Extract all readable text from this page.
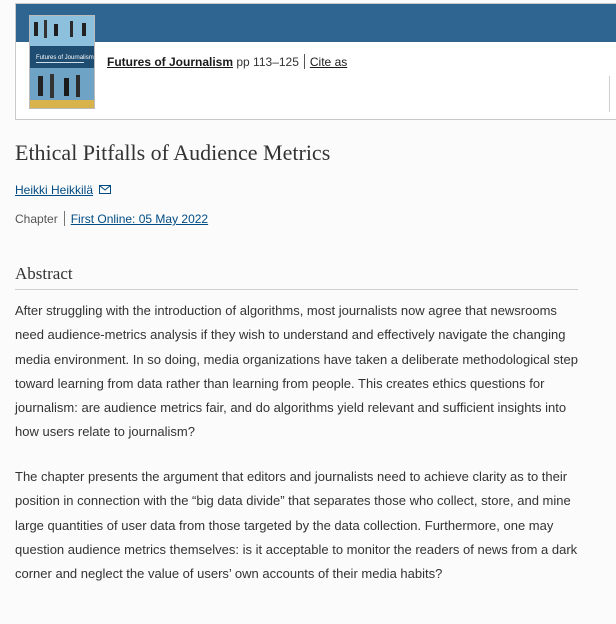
Futures of Journalism Futures of Journalism pp 113–125 Cite as
Ethical Pitfalls of Audience Metrics
Heikki Heikkilä
Chapter First Online: 05 May 2022
Abstract

After struggling with the introduction of algorithms, most journalists now agree that newsrooms need audience-metrics analysis if they wish to understand and effectively navigate the changing media environment. In so doing, media organizations have taken a deliberate methodological step toward learning from data rather than learning from people. This creates ethics questions for journalism: are audience metrics fair, and do algorithms yield relevant and sufficient insights into how users relate to journalism?

The chapter presents the argument that editors and journalists need to achieve clarity as to their position in connection with the “big data divide” that separates those who collect, store, and mine large quantities of user data from those targeted by the data collection. Furthermore, one may question audience metrics themselves: is it acceptable to monitor the readers of news from a dark corner and neglect the value of users’ own accounts of their media habits?
